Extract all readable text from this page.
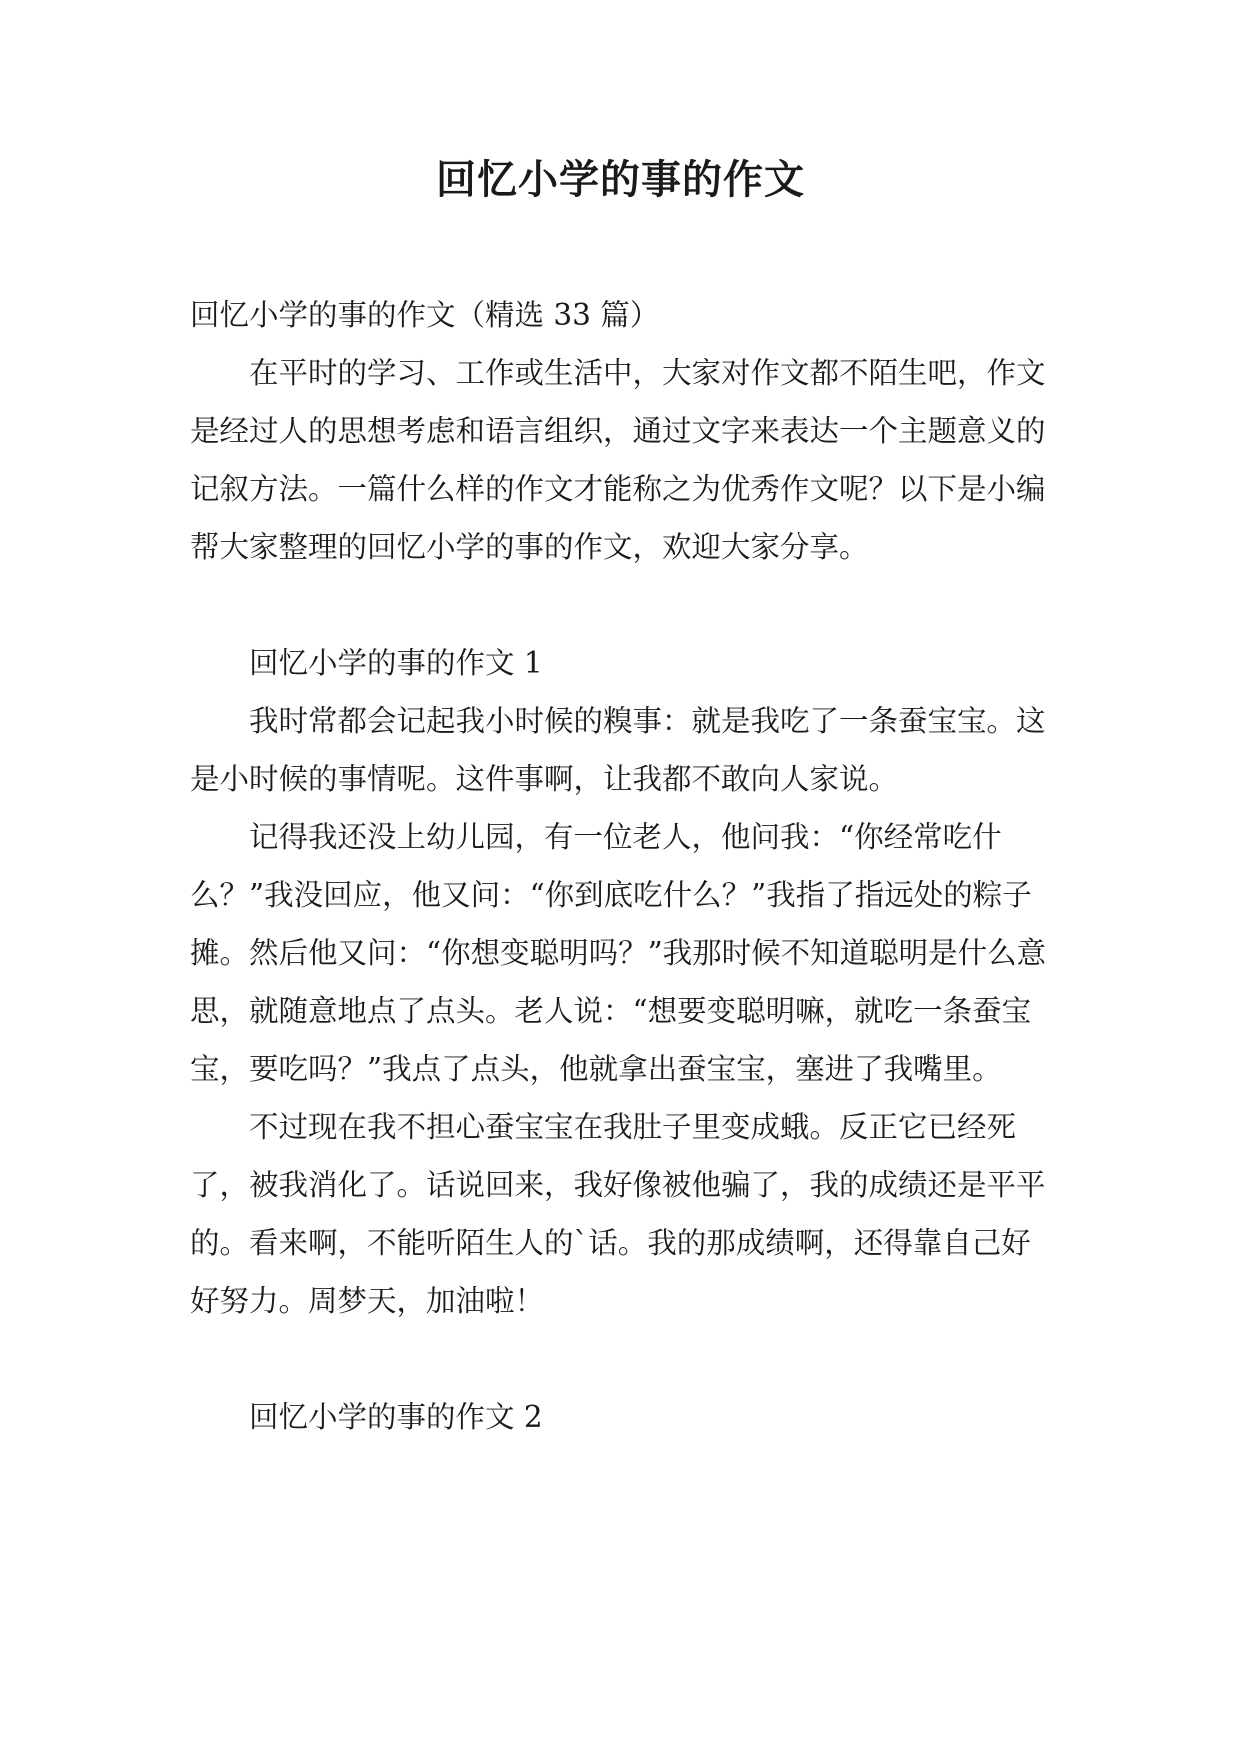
回忆小学的事的作文

回忆小学的事的作文（精选 33 篇）

在平时的学习、工作或生活中，大家对作文都不陌生吧，作文是经过人的思想考虑和语言组织，通过文字来表达一个主题意义的记叙方法。一篇什么样的作文才能称之为优秀作文呢？以下是小编帮大家整理的回忆小学的事的作文，欢迎大家分享。

回忆小学的事的作文 1

我时常都会记起我小时候的糗事：就是我吃了一条蚕宝宝。这是小时候的事情呢。这件事啊，让我都不敢向人家说。

记得我还没上幼儿园，有一位老人，他问我：“你经常吃什么？”我没回应，他又问：“你到底吃什么？”我指了指远处的粽子摊。然后他又问：“你想变聪明吗？”我那时候不知道聪明是什么意思，就随意地点了点头。老人说：“想要变聪明嘛，就吃一条蚕宝宝，要吃吗？”我点了点头，他就拿出蚕宝宝，塞进了我嘴里。

不过现在我不担心蚕宝宝在我肚子里变成蛾。反正它已经死了，被我消化了。话说回来，我好像被他骗了，我的成绩还是平平的。看来啊，不能听陌生人的`话。我的那成绩啊，还得靠自己好好努力。周梦天，加油啦！

回忆小学的事的作文 2
